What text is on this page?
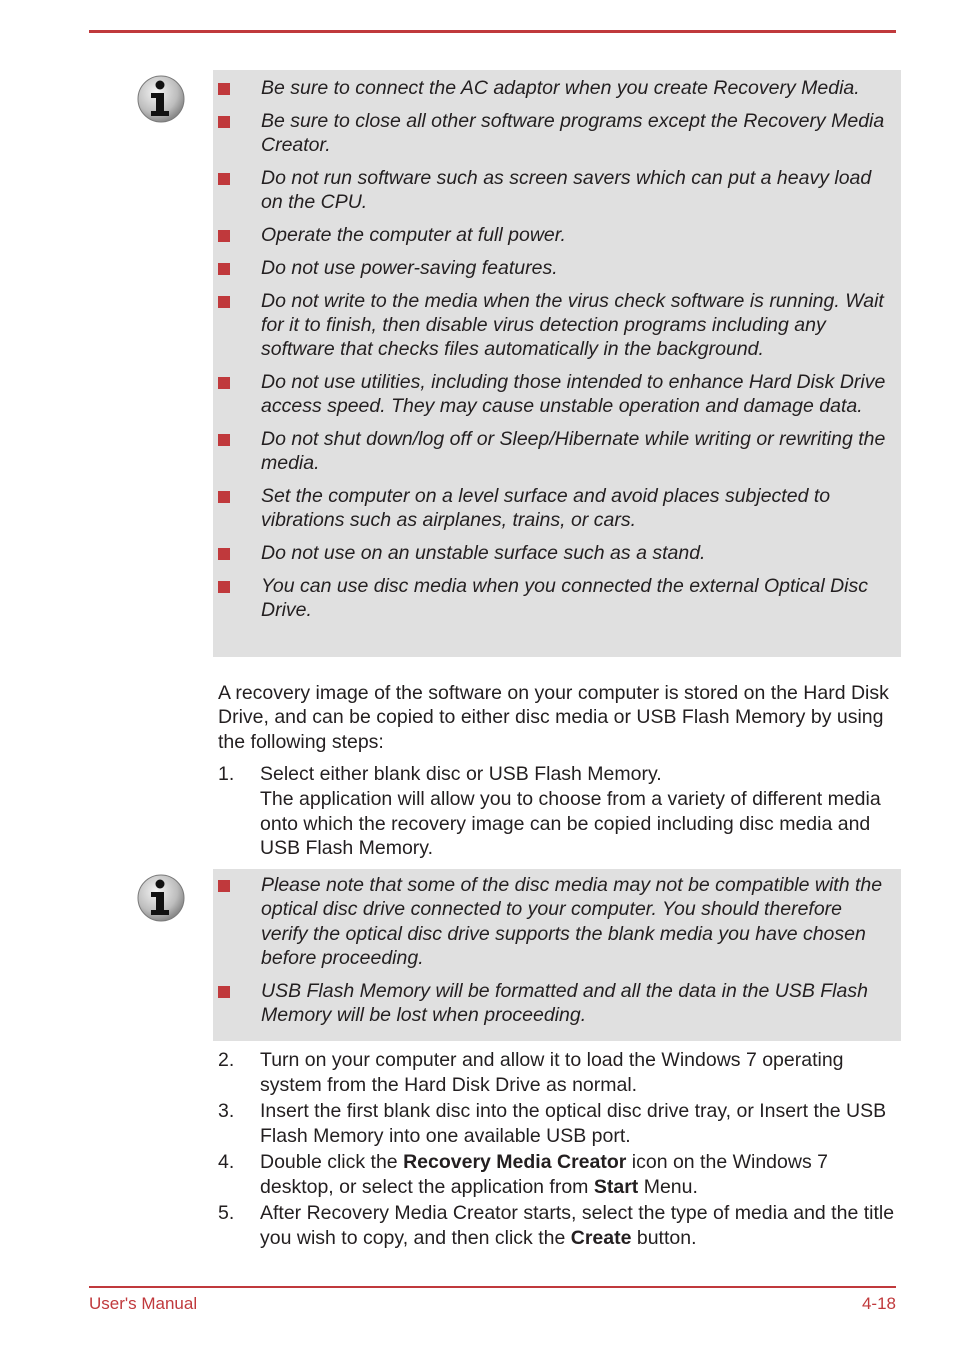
Be sure to connect the AC adaptor when you create Recovery Media.
Be sure to close all other software programs except the Recovery Media Creator.
Do not run software such as screen savers which can put a heavy load on the CPU.
Operate the computer at full power.
Do not use power-saving features.
Do not write to the media when the virus check software is running. Wait for it to finish, then disable virus detection programs including any software that checks files automatically in the background.
Do not use utilities, including those intended to enhance Hard Disk Drive access speed. They may cause unstable operation and damage data.
Do not shut down/log off or Sleep/Hibernate while writing or rewriting the media.
Set the computer on a level surface and avoid places subjected to vibrations such as airplanes, trains, or cars.
Do not use on an unstable surface such as a stand.
You can use disc media when you connected the external Optical Disc Drive.
A recovery image of the software on your computer is stored on the Hard Disk Drive, and can be copied to either disc media or USB Flash Memory by using the following steps:
1. Select either blank disc or USB Flash Memory.
The application will allow you to choose from a variety of different media onto which the recovery image can be copied including disc media and USB Flash Memory.
Please note that some of the disc media may not be compatible with the optical disc drive connected to your computer. You should therefore verify the optical disc drive supports the blank media you have chosen before proceeding.
USB Flash Memory will be formatted and all the data in the USB Flash Memory will be lost when proceeding.
2. Turn on your computer and allow it to load the Windows 7 operating system from the Hard Disk Drive as normal.
3. Insert the first blank disc into the optical disc drive tray, or Insert the USB Flash Memory into one available USB port.
4. Double click the Recovery Media Creator icon on the Windows 7 desktop, or select the application from Start Menu.
5. After Recovery Media Creator starts, select the type of media and the title you wish to copy, and then click the Create button.
User's Manual	4-18
